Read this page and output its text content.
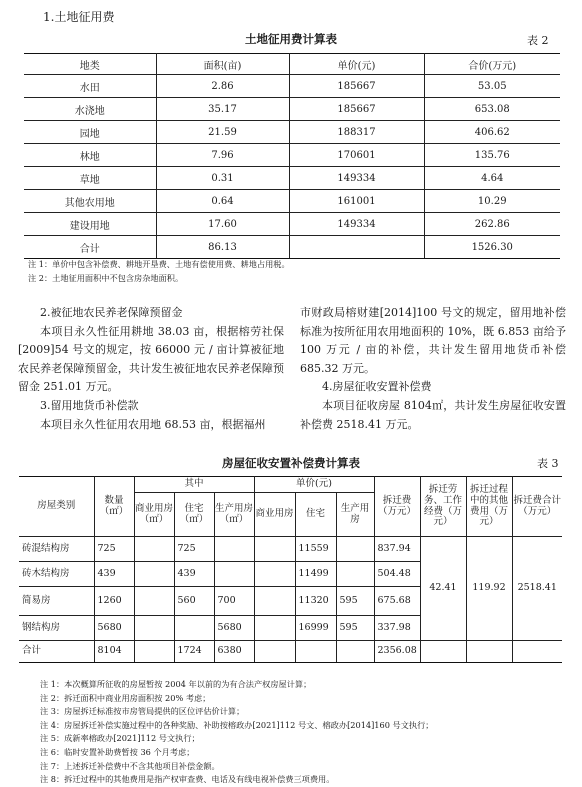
1.土地征用费
土地征用费计算表	表 2
地类	面积(亩)	单价(元)	合价(万元)
水田	2.86	185667	53.05
水浇地	35.17	185667	653.08
园地	21.59	188317	406.62
林地	7.96	170601	135.76
草地	0.31	149334	4.64
其他农用地	0.64	161001	10.29
建设用地	17.60	149334	262.86
合计	86.13		1526.30
注 1：单价中包含补偿费、耕地开垦费、土地有偿使用费、耕地占用税。
注 2：土地征用面积中不包含房杂地面积。

2.被征地农民养老保障预留金

本项目永久性征用耕地 38.03 亩，根据榕劳社保[2009]54 号文的规定，按 66000 元 / 亩计算被征地农民养老保障预留金，共计发生被征地农民养老保障预留金 251.01 万元。

3.留用地货币补偿款

本项目永久性征用农用地 68.53 亩，根据福州

市财政局榕财建[2014]100 号文的规定，留用地补偿标准为按所征用农用地面积的 10%，既 6.853 亩给予 100 万元 / 亩的补偿，共计发生留用地货币补偿 685.32 万元。

4.房屋征收安置补偿费

本项目征收房屋 8104㎡，共计发生房屋征收安置补偿费 2518.41 万元。

房屋征收安置补偿费计算表	表 3
房屋类别	数量（㎡）	其中			单价(元)			拆迁费（万元）	拆迁劳务、工作经费（万元）	拆迁过程中的其他费用（万元）	拆迁费合计（万元）
		商业用房（㎡）	住宅（㎡）	生产用房（㎡）	商业用房	住宅	生产用房				
砖混结构房	725		725			11559		837.94	42.41	119.92	2518.41
砖木结构房	439		439			11499		504.48			
简易房	1260		560	700		11320	595	675.68			
钢结构房	5680			5680		16999	595	337.98			
合计	8104		1724	6380				2356.08			
注 1：本次概算所征收的房屋暂按 2004 年以前的为有合法产权房屋计算；
注 2：拆迁面积中商业用房面积按 20% 考虑；
注 3：房屋拆迁标准按市房管局提供的区位评估价计算；
注 4：房屋拆迁补偿实施过程中的各种奖励、补助按榕政办[2021]112 号文、榕政办[2014]160 号文执行；
注 5：成新率榕政办[2021]112 号文执行；
注 6：临时安置补助费暂按 36 个月考虑；
注 7：上述拆迁补偿费中不含其他项目补偿金额。
注 8：拆迁过程中的其他费用是指产权审查费、电话及有线电视补偿费三项费用。
